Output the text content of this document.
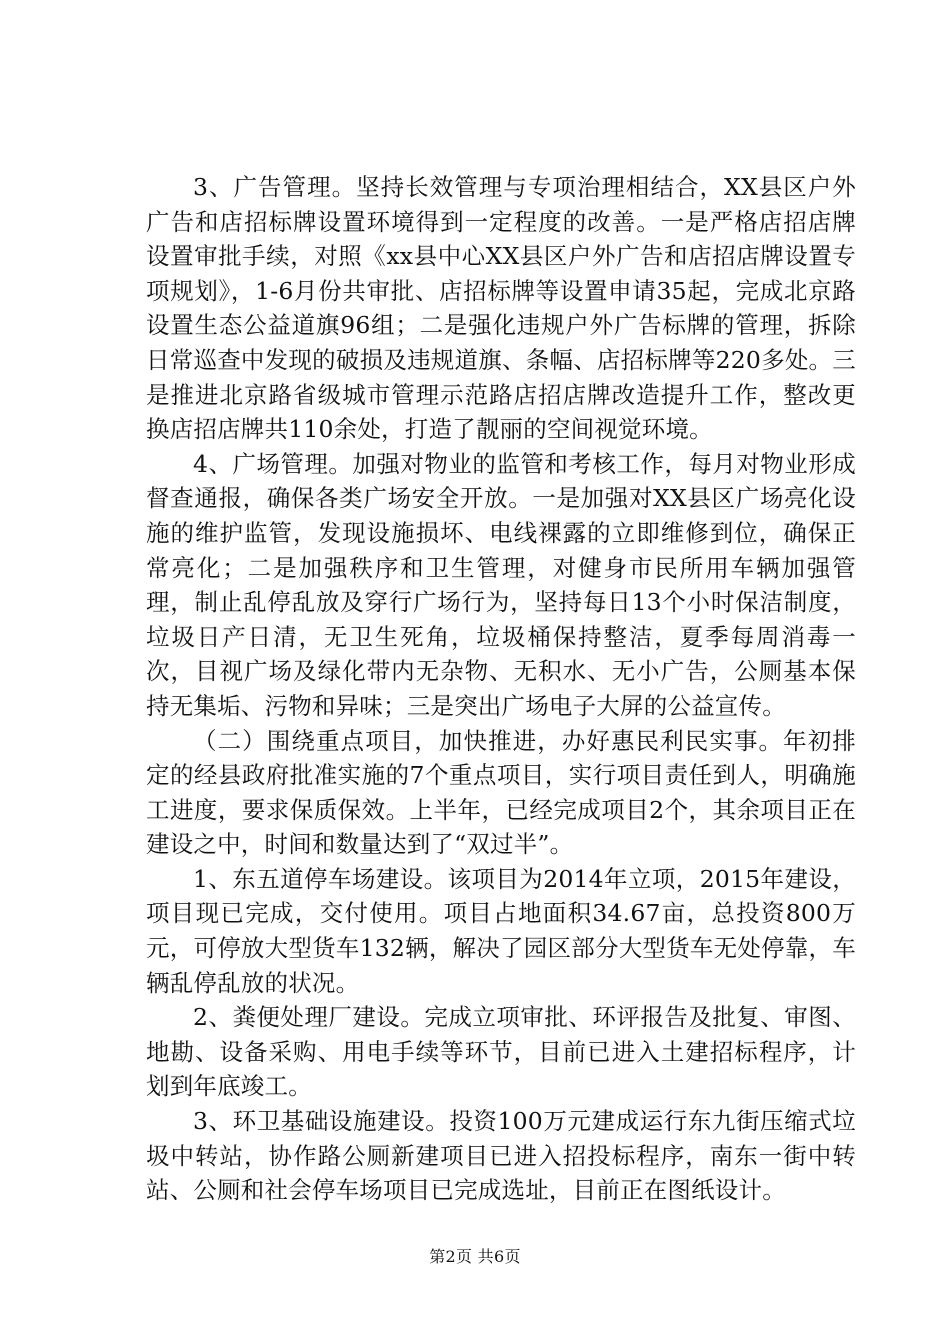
3、广告管理。坚持长效管理与专项治理相结合，XX县区户外广告和店招标牌设置环境得到一定程度的改善。一是严格店招店牌设置审批手续，对照《xx县中心XX县区户外广告和店招店牌设置专项规划》，1-6月份共审批、店招标牌等设置申请35起，完成北京路设置生态公益道旗96组；二是强化违规户外广告标牌的管理，拆除日常巡查中发现的破损及违规道旗、条幅、店招标牌等220多处。三是推进北京路省级城市管理示范路店招店牌改造提升工作，整改更换店招店牌共110余处，打造了靓丽的空间视觉环境。

4、广场管理。加强对物业的监管和考核工作，每月对物业形成督查通报，确保各类广场安全开放。一是加强对XX县区广场亮化设施的维护监管，发现设施损坏、电线裸露的立即维修到位，确保正常亮化；二是加强秩序和卫生管理，对健身市民所用车辆加强管理，制止乱停乱放及穿行广场行为，坚持每日13个小时保洁制度，垃圾日产日清，无卫生死角，垃圾桶保持整洁，夏季每周消毒一次，目视广场及绿化带内无杂物、无积水、无小广告，公厕基本保持无集垢、污物和异味；三是突出广场电子大屏的公益宣传。

（二）围绕重点项目，加快推进，办好惠民利民实事。年初排定的经县政府批准实施的7个重点项目，实行项目责任到人，明确施工进度，要求保质保效。上半年，已经完成项目2个，其余项目正在建设之中，时间和数量达到了“双过半”。

1、东五道停车场建设。该项目为2014年立项，2015年建设，项目现已完成，交付使用。项目占地面积34.67亩，总投资800万元，可停放大型货车132辆，解决了园区部分大型货车无处停靠，车辆乱停乱放的状况。

2、粪便处理厂建设。完成立项审批、环评报告及批复、审图、地勘、设备采购、用电手续等环节，目前已进入土建招标程序，计划到年底竣工。

3、环卫基础设施建设。投资100万元建成运行东九街压缩式垃圾中转站，协作路公厕新建项目已进入招投标程序，南东一街中转站、公厕和社会停车场项目已完成选址，目前正在图纸设计。

第2页 共6页
